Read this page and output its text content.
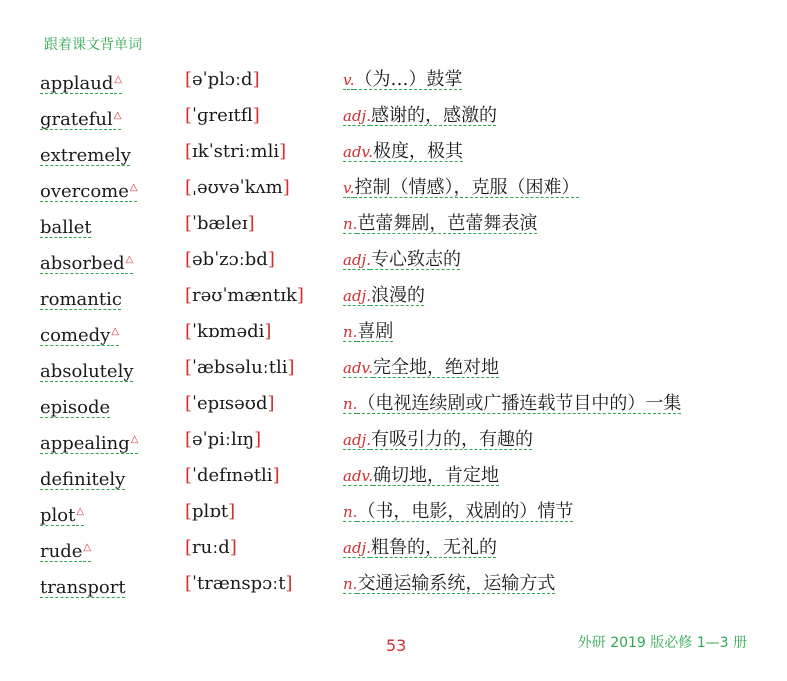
跟着课文背单词
applaud△	[əˈplɔːd]	v.（为…）鼓掌
grateful△	[ˈɡreɪtfl]	adj.感谢的，感激的
extremely	[ɪkˈstriːmli]	adv.极度，极其
overcome△	[ˌəʊvəˈkʌm]	v.控制（情感），克服（困难）
ballet	[ˈbæleɪ]	n.芭蕾舞剧，芭蕾舞表演
absorbed△	[əbˈzɔːbd]	adj.专心致志的
romantic	[rəʊˈmæntɪk]	adj.浪漫的
comedy△	[ˈkɒmədi]	n.喜剧
absolutely	[ˈæbsəluːtli]	adv.完全地，绝对地
episode	[ˈepɪsəʊd]	n.（电视连续剧或广播连载节目中的）一集
appealing△	[əˈpiːlɪŋ]	adj.有吸引力的，有趣的
definitely	[ˈdefɪnətli]	adv.确切地，肯定地
plot△	[plɒt]	n.（书，电影，戏剧的）情节
rude△	[ruːd]	adj.粗鲁的，无礼的
transport	[ˈtrænspɔːt]	n.交通运输系统，运输方式
53	外研 2019 版必修 1—3 册
